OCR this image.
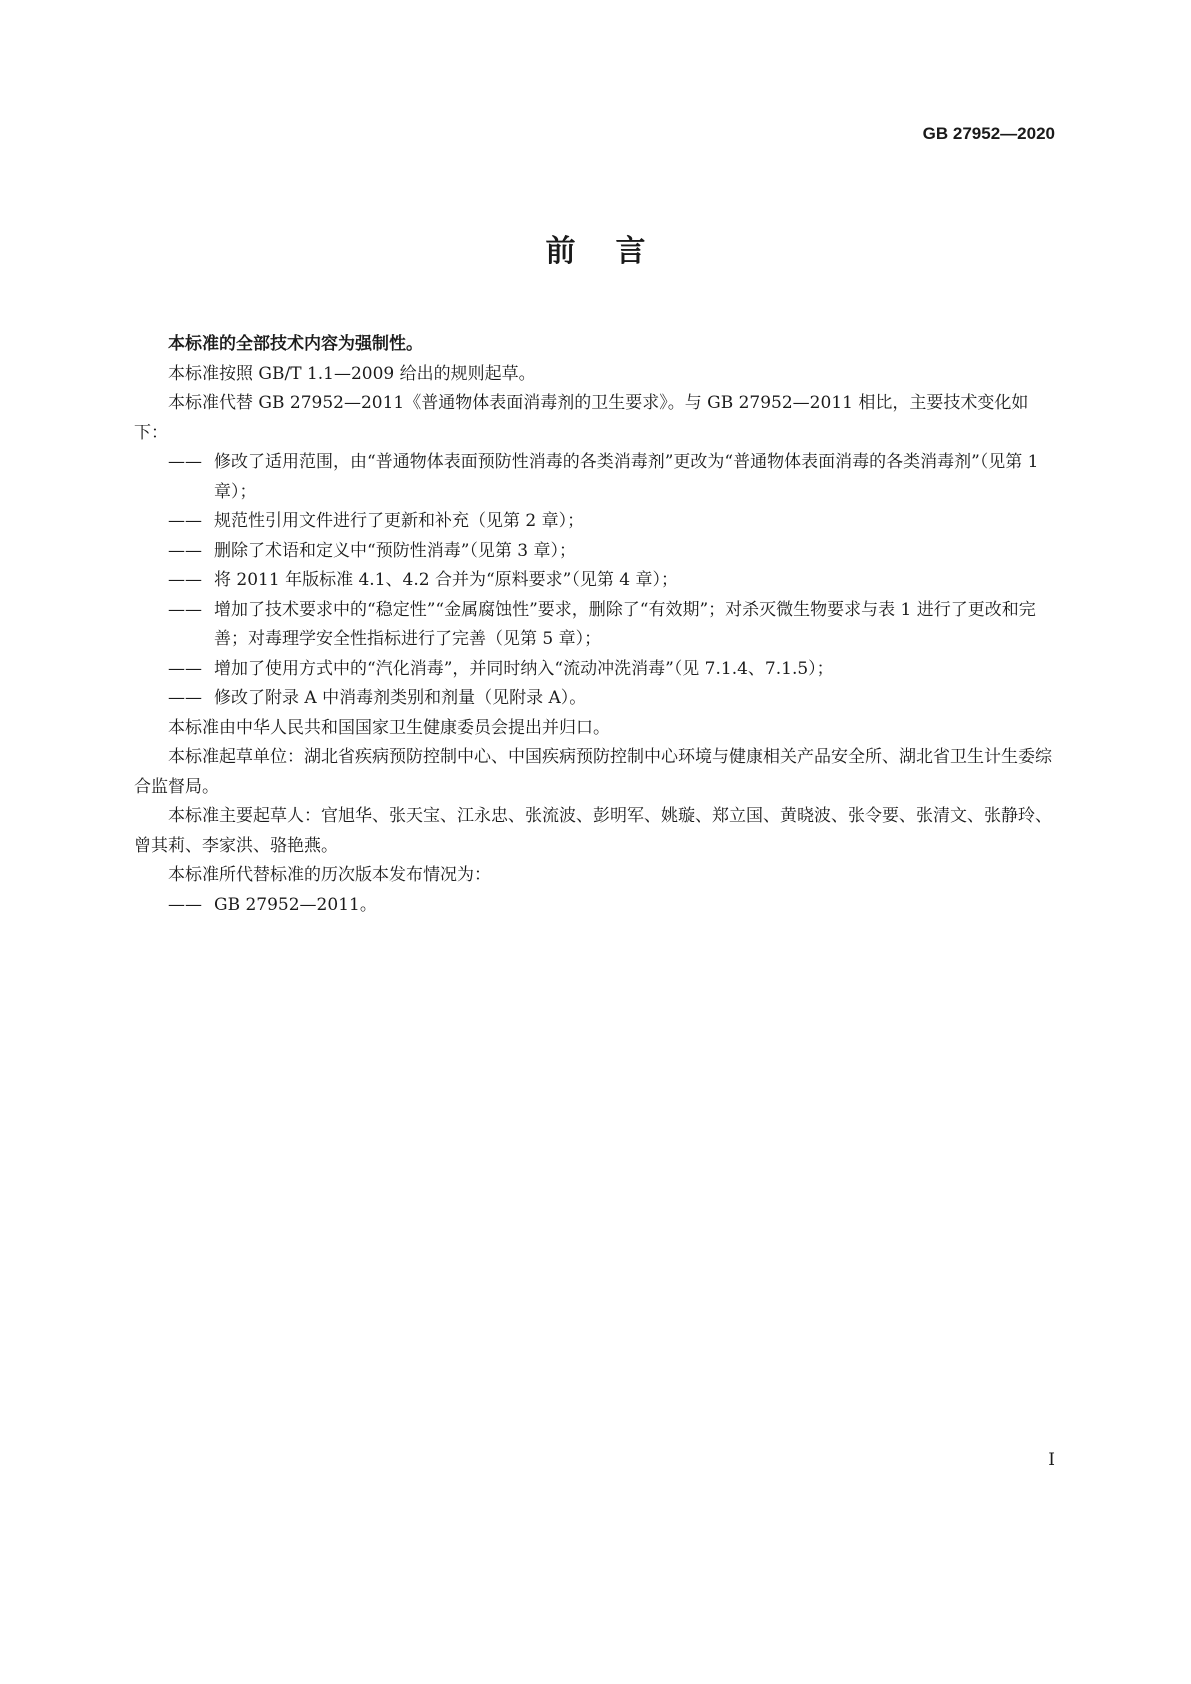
GB 27952—2020
前言

本标准的全部技术内容为强制性。

本标准按照 GB/T 1.1—2009 给出的规则起草。

本标准代替 GB 27952—2011《普通物体表面消毒剂的卫生要求》。与 GB 27952—2011 相比，主要技术变化如下：

—— 修改了适用范围，由“普通物体表面预防性消毒的各类消毒剂”更改为“普通物体表面消毒的各类消毒剂”（见第 1 章）；
—— 规范性引用文件进行了更新和补充（见第 2 章）；
—— 删除了术语和定义中“预防性消毒”（见第 3 章）；
—— 将 2011 年版标准 4.1、4.2 合并为“原料要求”（见第 4 章）；
—— 增加了技术要求中的“稳定性”“金属腐蚀性”要求，删除了“有效期”；对杀灭微生物要求与表 1 进行了更改和完善；对毒理学安全性指标进行了完善（见第 5 章）；
—— 增加了使用方式中的“汽化消毒”，并同时纳入“流动冲洗消毒”（见 7.1.4、7.1.5）；
—— 修改了附录 A 中消毒剂类别和剂量（见附录 A）。

本标准由中华人民共和国国家卫生健康委员会提出并归口。

本标准起草单位：湖北省疾病预防控制中心、中国疾病预防控制中心环境与健康相关产品安全所、湖北省卫生计生委综合监督局。

本标准主要起草人：官旭华、张天宝、江永忠、张流波、彭明军、姚璇、郑立国、黄晓波、张令要、张清文、张静玲、曾其莉、李家洪、骆艳燕。

本标准所代替标准的历次版本发布情况为：

—— GB 27952—2011。
I
